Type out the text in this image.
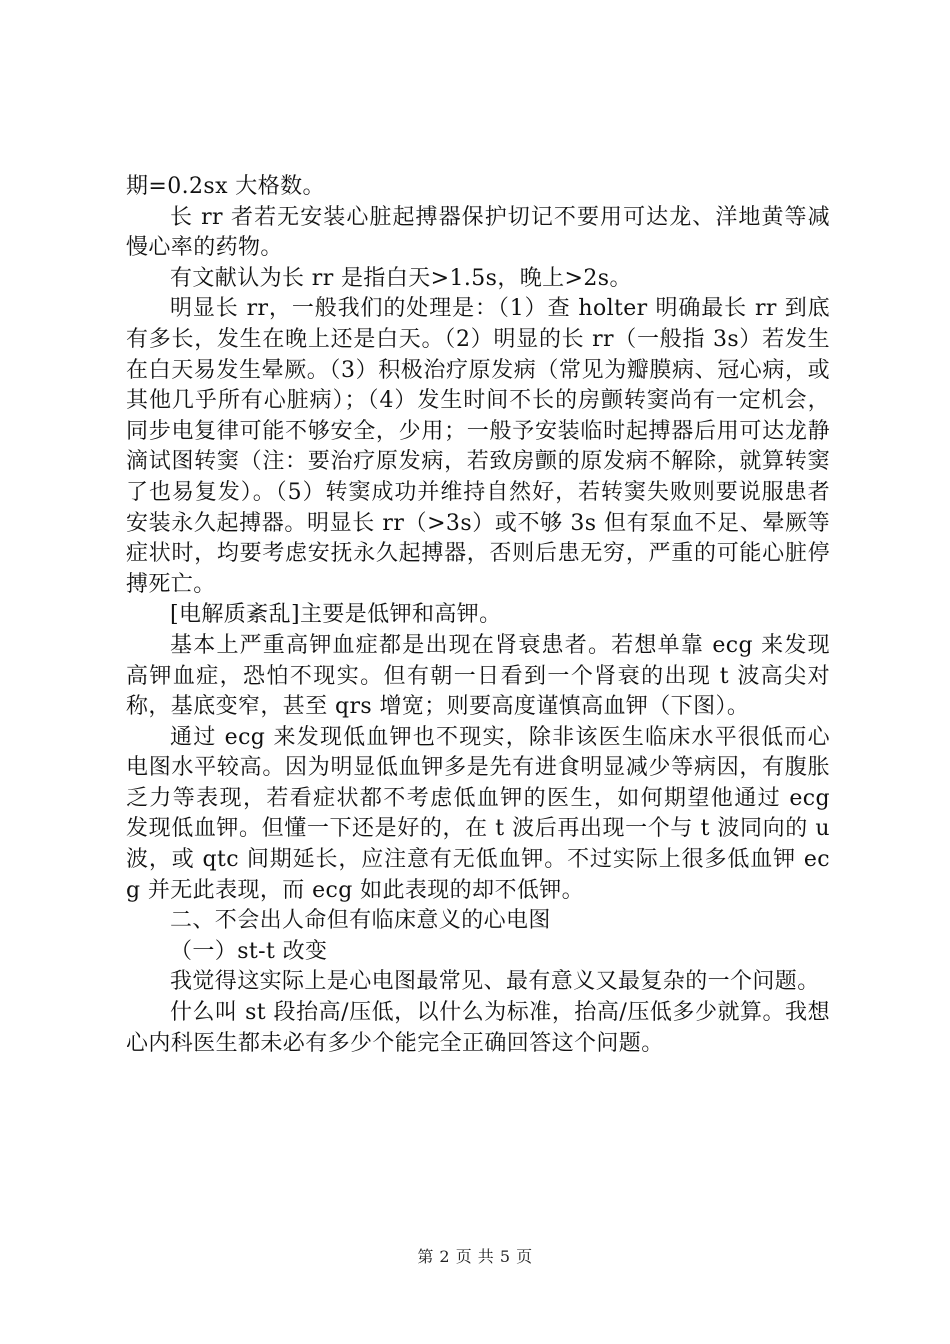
期=0.2sx 大格数。

长 rr 者若无安装心脏起搏器保护切记不要用可达龙、洋地黄等减慢心率的药物。

有文献认为长 rr 是指白天>1.5s，晚上>2s。

明显长 rr，一般我们的处理是：（1）查 holter 明确最长 rr 到底有多长，发生在晚上还是白天。（2）明显的长 rr（一般指 3s）若发生在白天易发生晕厥。（3）积极治疗原发病（常见为瓣膜病、冠心病，或其他几乎所有心脏病）；（4）发生时间不长的房颤转窦尚有一定机会，同步电复律可能不够安全，少用；一般予安装临时起搏器后用可达龙静滴试图转窦（注：要治疗原发病，若致房颤的原发病不解除，就算转窦了也易复发）。（5）转窦成功并维持自然好，若转窦失败则要说服患者安装永久起搏器。明显长 rr（>3s）或不够 3s 但有泵血不足、晕厥等症状时，均要考虑安抚永久起搏器，否则后患无穷，严重的可能心脏停搏死亡。

[电解质紊乱]主要是低钾和高钾。

基本上严重高钾血症都是出现在肾衰患者。若想单靠 ecg 来发现高钾血症，恐怕不现实。但有朝一日看到一个肾衰的出现 t 波高尖对称，基底变窄，甚至 qrs 增宽；则要高度谨慎高血钾（下图）。

通过 ecg 来发现低血钾也不现实，除非该医生临床水平很低而心电图水平较高。因为明显低血钾多是先有进食明显减少等病因，有腹胀乏力等表现，若看症状都不考虑低血钾的医生，如何期望他通过 ecg 发现低血钾。但懂一下还是好的，在 t 波后再出现一个与 t 波同向的 u 波，或 qtc 间期延长，应注意有无低血钾。不过实际上很多低血钾 ecg 并无此表现，而 ecg 如此表现的却不低钾。

二、不会出人命但有临床意义的心电图

（一）st-t 改变

我觉得这实际上是心电图最常见、最有意义又最复杂的一个问题。

什么叫 st 段抬高/压低，以什么为标准，抬高/压低多少就算。我想心内科医生都未必有多少个能完全正确回答这个问题。

第 2 页 共 5 页
